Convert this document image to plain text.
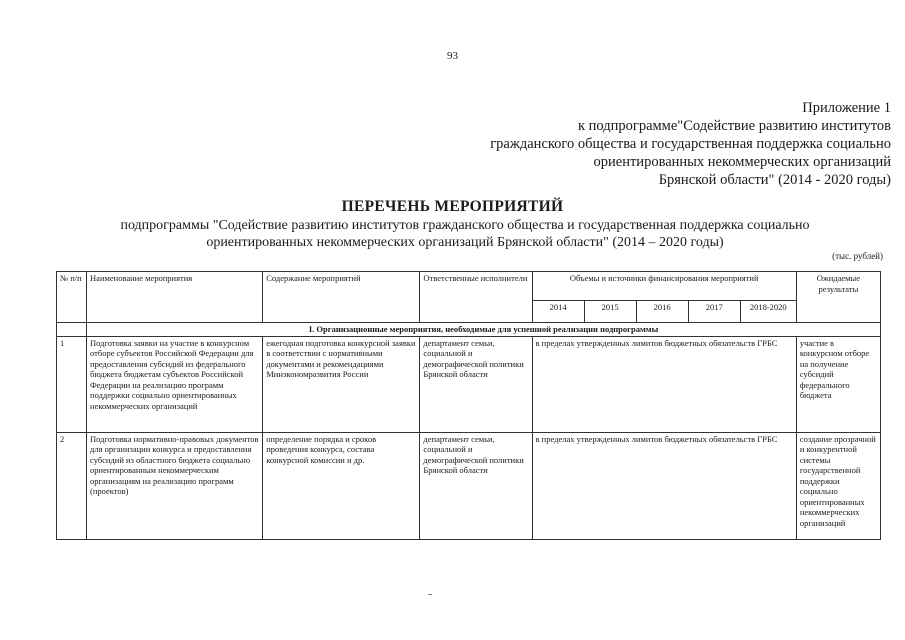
93
Приложение 1
к подпрограмме"Содействие развитию институтов
гражданского общества и государственная поддержка социально
ориентированных некоммерческих организаций
Брянской области" (2014 - 2020 годы)
ПЕРЕЧЕНЬ МЕРОПРИЯТИЙ
подпрограммы "Содействие развитию институтов гражданского общества и государственная поддержка социально
ориентированных некоммерческих организаций Брянской области" (2014 – 2020 годы)
(тыс. рублей)
№ п/п	Наименование мероприятия	Содержание мероприятий	Ответственные исполнители	Объемы и источники финансирования мероприятий					Ожидаемые результаты
				2014	2015	2016	2017	2018-2020	
	I. Организационные мероприятия, необходимые для успешной реализации подпрограммы								
1	Подготовка заявки на участие в конкурсном отборе субъектов Российской Федерации для предоставления субсидий из федерального бюджета бюджетам субъектов Российской Федерации на реализацию программ поддержки социально ориентированных некоммерческих организаций	ежегодная подготовка конкурсной заявки в соответствии с нормативными документами и рекомендациями Минэкономразвития России	департамент семьи, социальной и демографической политики Брянской области	в пределах утвержденных лимитов бюджетных обязательств ГРБС					участие в конкурсном отборе на получение субсидий федерального бюджета
2	Подготовка нормативно-правовых документов для организации конкурса и предоставления субсидий из областного бюджета социально ориентированным некоммерческим организациям на реализацию программ (проектов)	определение порядка и сроков проведения конкурса, состава конкурсной комиссии и др.	департамент семьи, социальной и демографической политики Брянской области	в пределах утвержденных лимитов бюджетных обязательств ГРБС					создание прозрачной и конкурентной системы государственной поддержки социально ориентированных некоммерческих организаций
